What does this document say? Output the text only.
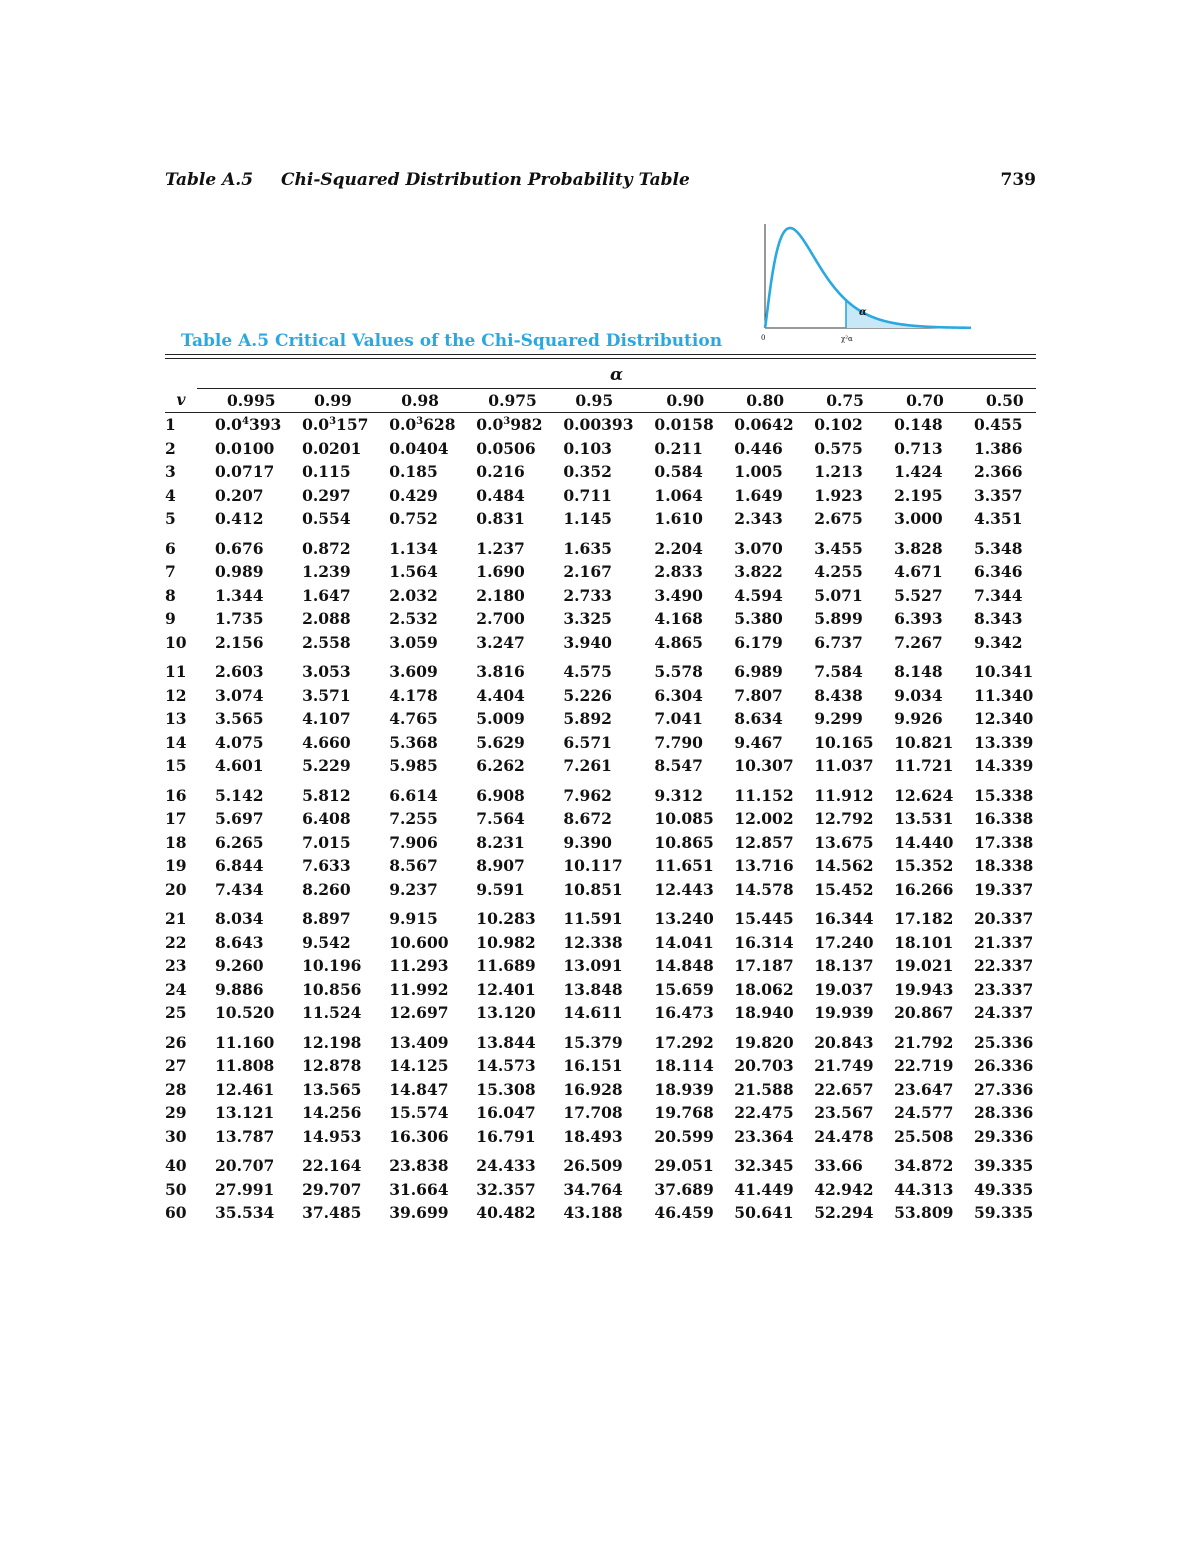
Table A.5 Chi-Squared Distribution Probability Table	739
α
0	χ²α
Table A.5 Critical Values of the Chi-Squared Distribution
	α									
v	0.995	0.99	0.98	0.975	0.95	0.90	0.80	0.75	0.70	0.50
1	$0.0^4393$	$0.0^3157$	$0.0^3628$	$0.0^3982$	0.00393	0.0158	0.0642	0.102	0.148	0.455
2	0.0100	0.0201	0.0404	0.0506	0.103	0.211	0.446	0.575	0.713	1.386
3	0.0717	0.115	0.185	0.216	0.352	0.584	1.005	1.213	1.424	2.366
4	0.207	0.297	0.429	0.484	0.711	1.064	1.649	1.923	2.195	3.357
5	0.412	0.554	0.752	0.831	1.145	1.610	2.343	2.675	3.000	4.351
6	0.676	0.872	1.134	1.237	1.635	2.204	3.070	3.455	3.828	5.348
7	0.989	1.239	1.564	1.690	2.167	2.833	3.822	4.255	4.671	6.346
8	1.344	1.647	2.032	2.180	2.733	3.490	4.594	5.071	5.527	7.344
9	1.735	2.088	2.532	2.700	3.325	4.168	5.380	5.899	6.393	8.343
10	2.156	2.558	3.059	3.247	3.940	4.865	6.179	6.737	7.267	9.342
11	2.603	3.053	3.609	3.816	4.575	5.578	6.989	7.584	8.148	10.341
12	3.074	3.571	4.178	4.404	5.226	6.304	7.807	8.438	9.034	11.340
13	3.565	4.107	4.765	5.009	5.892	7.041	8.634	9.299	9.926	12.340
14	4.075	4.660	5.368	5.629	6.571	7.790	9.467	10.165	10.821	13.339
15	4.601	5.229	5.985	6.262	7.261	8.547	10.307	11.037	11.721	14.339
16	5.142	5.812	6.614	6.908	7.962	9.312	11.152	11.912	12.624	15.338
17	5.697	6.408	7.255	7.564	8.672	10.085	12.002	12.792	13.531	16.338
18	6.265	7.015	7.906	8.231	9.390	10.865	12.857	13.675	14.440	17.338
19	6.844	7.633	8.567	8.907	10.117	11.651	13.716	14.562	15.352	18.338
20	7.434	8.260	9.237	9.591	10.851	12.443	14.578	15.452	16.266	19.337
21	8.034	8.897	9.915	10.283	11.591	13.240	15.445	16.344	17.182	20.337
22	8.643	9.542	10.600	10.982	12.338	14.041	16.314	17.240	18.101	21.337
23	9.260	10.196	11.293	11.689	13.091	14.848	17.187	18.137	19.021	22.337
24	9.886	10.856	11.992	12.401	13.848	15.659	18.062	19.037	19.943	23.337
25	10.520	11.524	12.697	13.120	14.611	16.473	18.940	19.939	20.867	24.337
26	11.160	12.198	13.409	13.844	15.379	17.292	19.820	20.843	21.792	25.336
27	11.808	12.878	14.125	14.573	16.151	18.114	20.703	21.749	22.719	26.336
28	12.461	13.565	14.847	15.308	16.928	18.939	21.588	22.657	23.647	27.336
29	13.121	14.256	15.574	16.047	17.708	19.768	22.475	23.567	24.577	28.336
30	13.787	14.953	16.306	16.791	18.493	20.599	23.364	24.478	25.508	29.336
40	20.707	22.164	23.838	24.433	26.509	29.051	32.345	33.66	34.872	39.335
50	27.991	29.707	31.664	32.357	34.764	37.689	41.449	42.942	44.313	49.335
60	35.534	37.485	39.699	40.482	43.188	46.459	50.641	52.294	53.809	59.335
